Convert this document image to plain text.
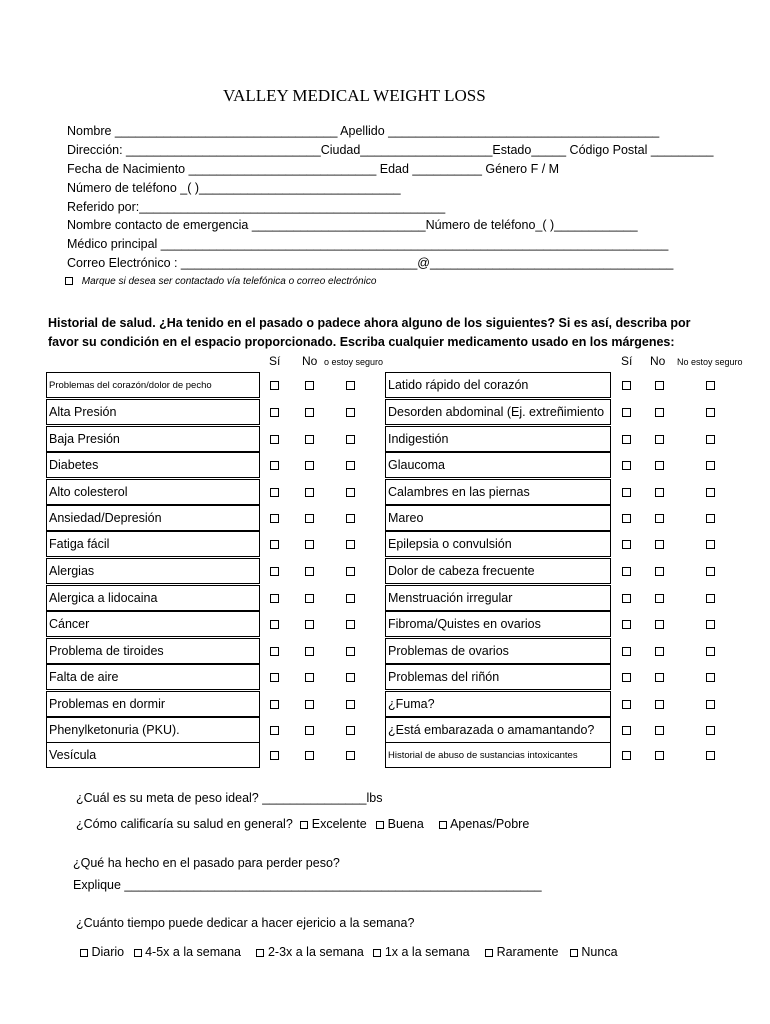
VALLEY MEDICAL WEIGHT LOSS
Nombre ________________________________ Apellido _______________________________________
Dirección: ____________________________Ciudad___________________Estado_____ Código Postal _________
Fecha de Nacimiento ___________________________ Edad __________ Género F / M
Número de teléfono _( )_____________________________
Referido por:____________________________________________
Nombre contacto de emergencia _________________________Número de teléfono_( )____________
Médico principal _________________________________________________________________________
Correo Electrónico : __________________________________@___________________________________
Marque si desea ser contactado vía telefónica o correo electrónico
Historial de salud. ¿Ha tenido en el pasado o padece ahora alguno de los siguientes? Si es así, describa por
favor su condición en el espacio proporcionado. Escriba cualquier medicamento usado en los márgenes:
Sí No o estoy seguro	Sí No No estoy seguro
Problemas del corazón/dolor de pecho
Alta Presión
Baja Presión
Diabetes
Alto colesterol
Ansiedad/Depresión
Fatiga fácil
Alergias
Alergica a lidocaina
Cáncer
Problema de tiroides
Falta de aire
Problemas en dormir
Phenylketonuria (PKU).
Vesícula
Latido rápido del corazón
Desorden abdominal (Ej. extreñimiento
Indigestión
Glaucoma
Calambres en las piernas
Mareo
Epilepsia o convulsión
Dolor de cabeza frecuente
Menstruación irregular
Fibroma/Quistes en ovarios
Problemas de ovarios
Problemas del riñón
¿Fuma?
¿Está embarazada o amamantando?
Historial de abuso de sustancias intoxicantes
¿Cuál es su meta de peso ideal? _______________lbs
¿Cómo calificaría su salud en general? Excelente Buena Apenas/Pobre
¿Qué ha hecho en el pasado para perder peso?
Explique ____________________________________________________________
¿Cuánto tiempo puede dedicar a hacer ejericio a la semana?
Diario 4-5x a la semana 2-3x a la semana 1x a la semana Raramente Nunca
